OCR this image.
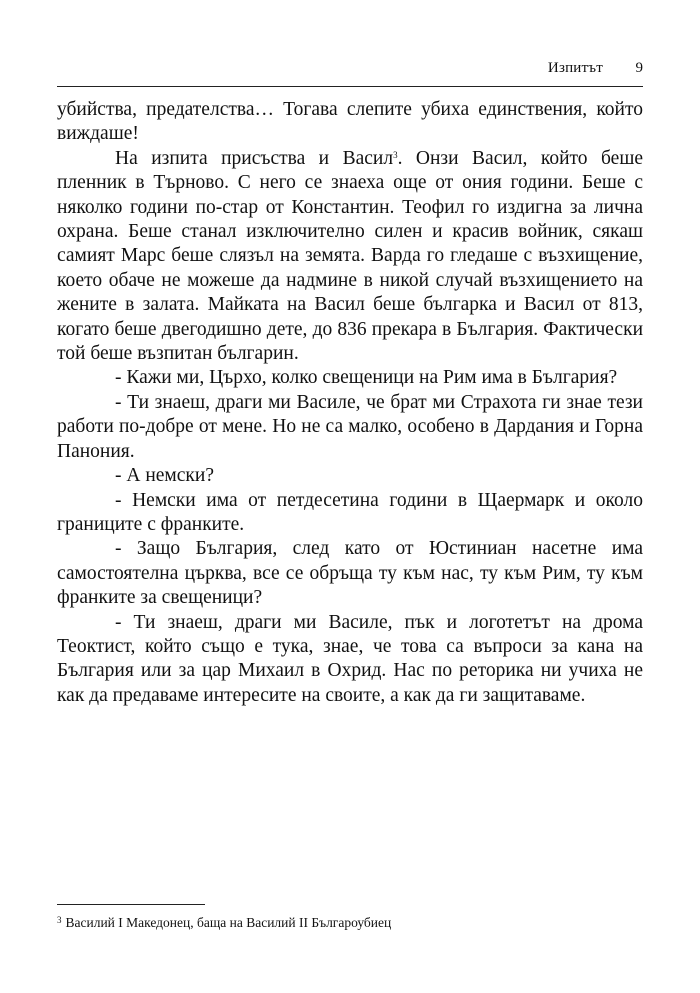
Изпитът 9

убийства, предателства… Тогава слепите убиха единствения, който виждаше!

На изпита присъства и Васил$^3$. Онзи Васил, който беше пленник в Търново. С него се знаеха още от ония години. Беше с няколко години по-стар от Константин. Теофил го издигна за лична охрана. Беше станал изключително силен и красив войник, сякаш самият Марс беше слязъл на земята. Варда го гледаше с възхищение, което обаче не можеше да надмине в никой случай възхищението на жените в залата. Майката на Васил беше българка и Васил от 813, когато беше двегодишно дете, до 836 прекара в България. Фактически той беше възпитан българин.

- Кажи ми, Църхо, колко свещеници на Рим има в България?

- Ти знаеш, драги ми Василе, че брат ми Страхота ги знае тези работи по-добре от мене. Но не са малко, особено в Дардания и Горна Панония.

- А немски?

- Немски има от петдесетина години в Щаермарк и около границите с франките.

- Защо България, след като от Юстиниан насетне има самостоятелна църква, все се обръща ту към нас, ту към Рим, ту към франките за свещеници?

- Ти знаеш, драги ми Василе, пък и логотетът на дрома Теоктист, който също е тука, знае, че това са въпроси за кана на България или за цар Михаил в Охрид. Нас по реторика ни учиха не как да предаваме интересите на своите, а как да ги защитаваме.

$^3$ Василий I Македонец, баща на Василий II Българоубиец
